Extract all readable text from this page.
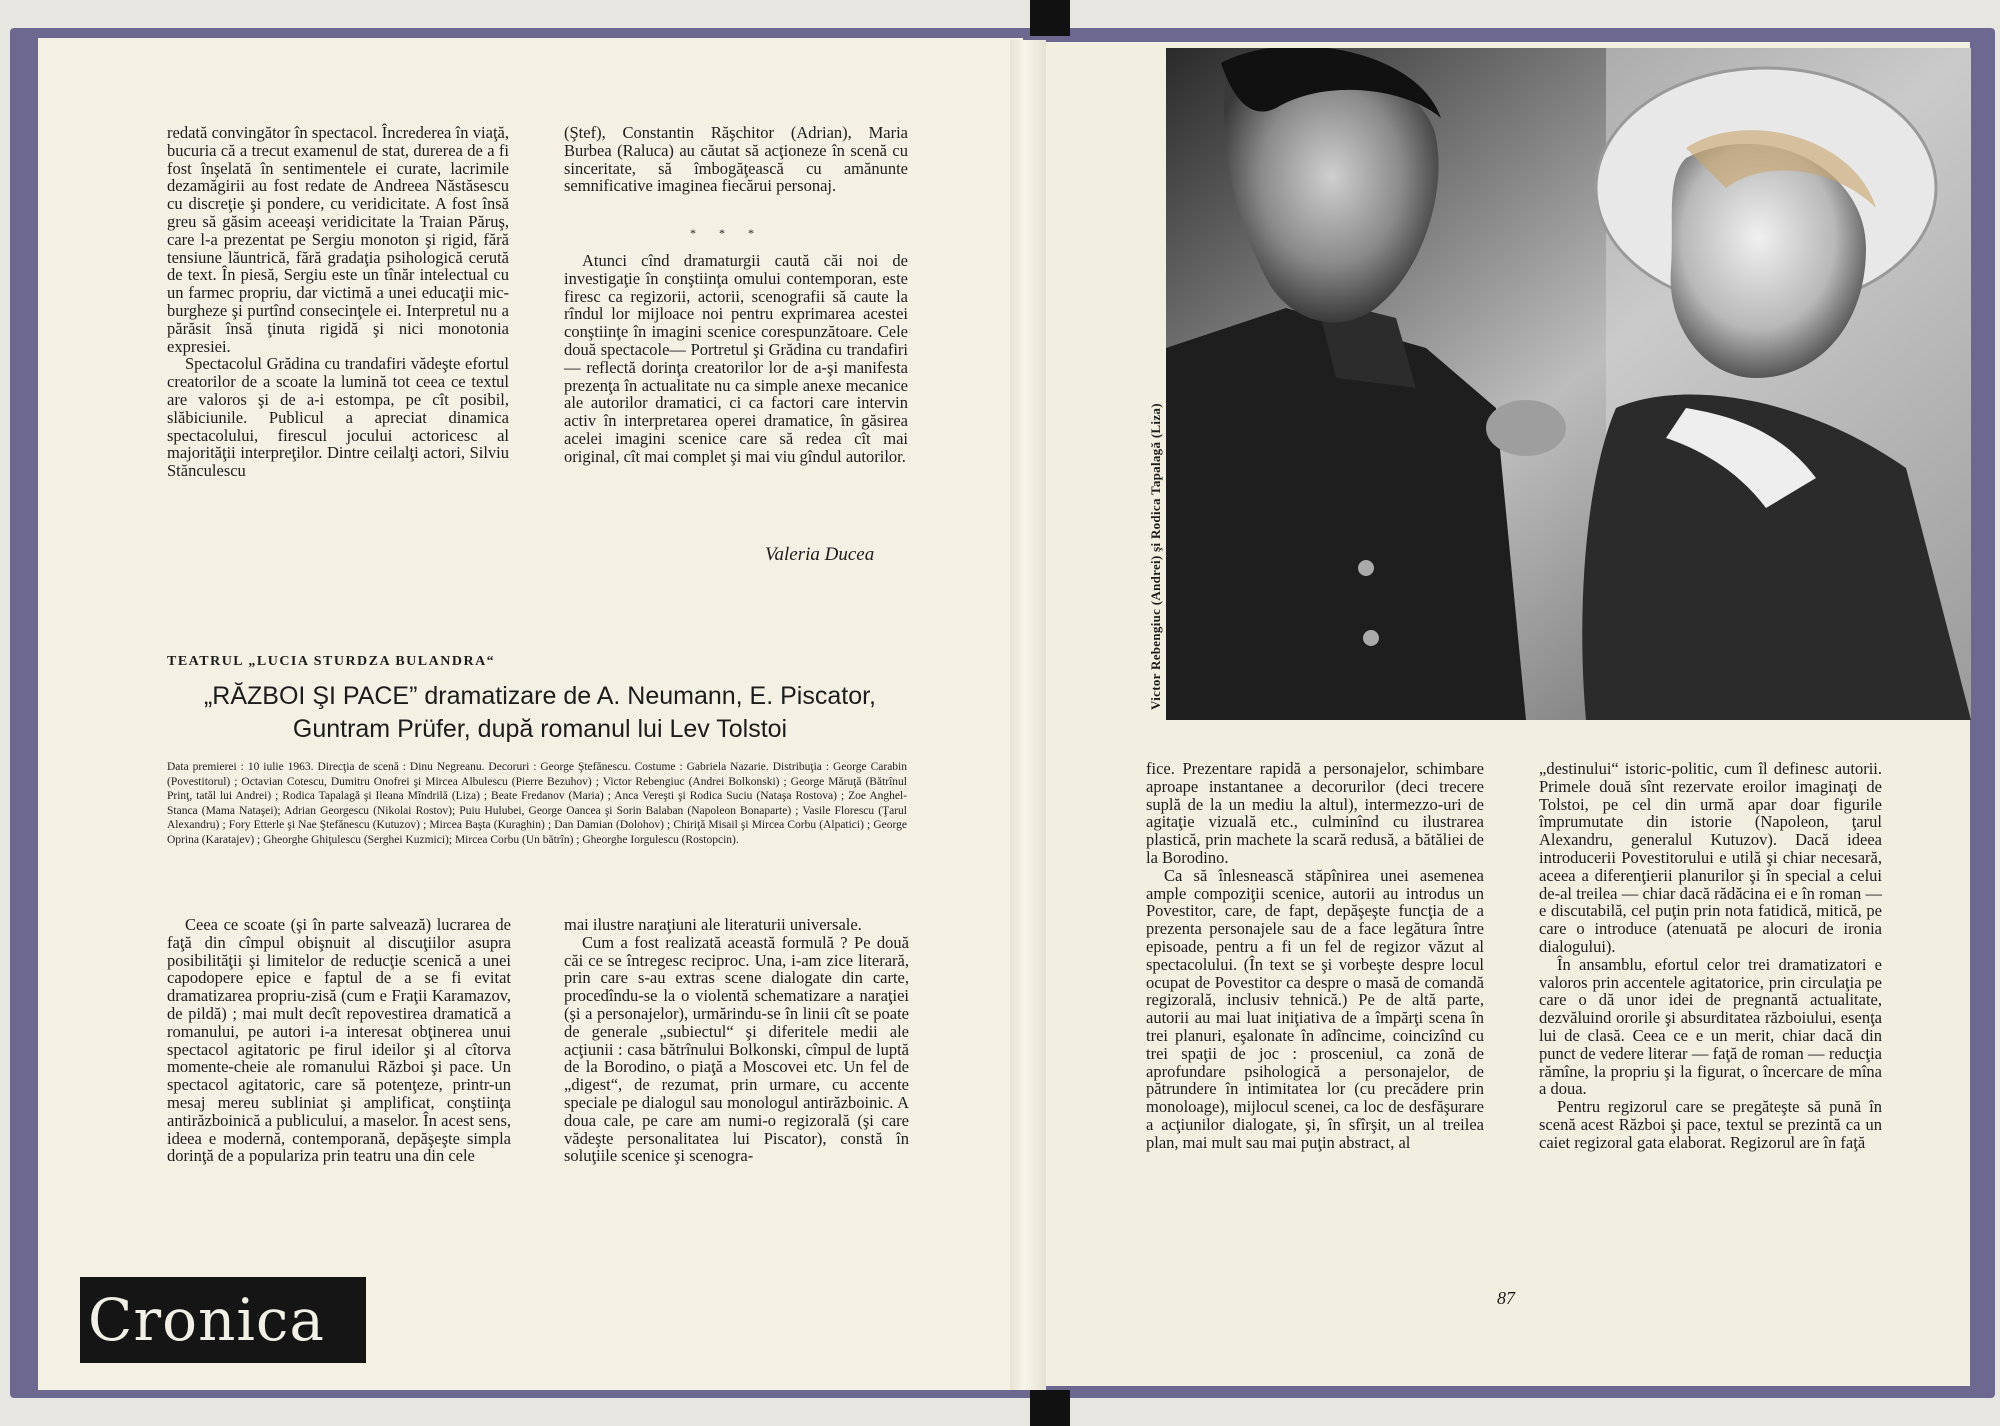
redată convingător în spectacol. Încrederea în viaţă, bucuria că a trecut examenul de stat, durerea de a fi fost înşelată în sentimentele ei curate, lacrimile dezamăgirii au fost redate de Andreea Năstăsescu cu discreţie şi pondere, cu veridicitate. A fost însă greu să găsim aceeaşi veridicitate la Traian Păruş, care l-a prezentat pe Sergiu monoton şi rigid, fără tensiune lăuntrică, fără gradaţia psihologică cerută de text. În piesă, Sergiu este un tînăr intelectual cu un farmec propriu, dar victimă a unei educaţii mic-burgheze şi purtînd consecinţele ei. Interpretul nu a părăsit însă ţinuta rigidă şi nici monotonia expresiei.

Spectacolul Grădina cu trandafiri vădeşte efortul creatorilor de a scoate la lumină tot ceea ce textul are valoros şi de a-i estompa, pe cît posibil, slăbiciunile. Publicul a apreciat dinamica spectacolului, firescul jocului actoricesc al majorităţii interpreţilor. Dintre ceilalţi actori, Silviu Stănculescu

(Ştef), Constantin Răşchitor (Adrian), Maria Burbea (Raluca) au căutat să acţioneze în scenă cu sinceritate, să îmbogăţească cu amănunte semnificative imaginea fiecărui personaj.

* * *

Atunci cînd dramaturgii caută căi noi de investigaţie în conştiinţa omului contemporan, este firesc ca regizorii, actorii, scenografii să caute la rîndul lor mijloace noi pentru exprimarea acestei conştiinţe în imagini scenice corespunzătoare. Cele două spectacole— Portretul şi Grădina cu trandafiri — reflectă dorinţa creatorilor lor de a-şi manifesta prezenţa în actualitate nu ca simple anexe mecanice ale autorilor dramatici, ci ca factori care intervin activ în interpretarea operei dramatice, în găsirea acelei imagini scenice care să redea cît mai original, cît mai complet şi mai viu gîndul autorilor.

Valeria Ducea
TEATRUL „LUCIA STURDZA BULANDRA“
„RĂZBOI ŞI PACE” dramatizare de A. Neumann, E. Piscator,
Guntram Prüfer, după romanul lui Lev Tolstoi
Data premierei : 10 iulie 1963. Direcţia de scenă : Dinu Negreanu. Decoruri : George Ştefănescu. Costume : Gabriela Nazarie. Distribuţia : George Carabin (Povestitorul) ; Octavian Cotescu, Dumitru Onofrei şi Mircea Albulescu (Pierre Bezuhov) ; Victor Rebengiuc (Andrei Bolkonski) ; George Măruţă (Bătrînul Prinţ, tatăl lui Andrei) ; Rodica Tapalagă şi Ileana Mîndrilă (Liza) ; Beate Fredanov (Maria) ; Anca Vereşti şi Rodica Suciu (Nataşa Rostova) ; Zoe Anghel-Stanca (Mama Nataşei); Adrian Georgescu (Nikolai Rostov); Puiu Hulubei, George Oancea şi Sorin Balaban (Napoleon Bonaparte) ; Vasile Florescu (Ţarul Alexandru) ; Fory Etterle şi Nae Ştefănescu (Kutuzov) ; Mircea Başta (Kuraghin) ; Dan Damian (Dolohov) ; Chiriţă Misail şi Mircea Corbu (Alpatici) ; George Oprina (Karatajev) ; Gheorghe Ghiţulescu (Serghei Kuzmici); Mircea Corbu (Un bătrîn) ; Gheorghe Iorgulescu (Rostopcin).

Ceea ce scoate (şi în parte salvează) lucrarea de faţă din cîmpul obişnuit al discuţiilor asupra posibilităţii şi limitelor de reducţie scenică a unei capodopere epice e faptul de a se fi evitat dramatizarea propriu-zisă (cum e Fraţii Karamazov, de pildă) ; mai mult decît repovestirea dramatică a romanului, pe autori i-a interesat obţinerea unui spectacol agitatoric pe firul ideilor şi al cîtorva momente-cheie ale romanului Război şi pace. Un spectacol agitatoric, care să potenţeze, printr-un mesaj mereu subliniat şi amplificat, conştiinţa antirăzboinică a publicului, a maselor. În acest sens, ideea e modernă, contemporană, depăşeşte simpla dorinţă de a populariza prin teatru una din cele

mai ilustre naraţiuni ale literaturii universale.

Cum a fost realizată această formulă ? Pe două căi ce se întregesc reciproc. Una, i-am zice literară, prin care s-au extras scene dialogate din carte, procedîndu-se la o violentă schematizare a naraţiei (şi a personajelor), urmărindu-se în linii cît se poate de generale „subiectul“ şi diferitele medii ale acţiunii : casa bătrînului Bolkonski, cîmpul de luptă de la Borodino, o piaţă a Moscovei etc. Un fel de „digest“, de rezumat, prin urmare, cu accente speciale pe dialogul sau monologul antirăzboinic. A doua cale, pe care am numi-o regizorală (şi care vădeşte personalitatea lui Piscator), constă în soluţiile scenice şi scenogra-

Cronica
Victor Rebengiuc (Andrei) şi Rodica Tapalagă (Liza)

fice. Prezentare rapidă a personajelor, schimbare aproape instantanee a decorurilor (deci trecere suplă de la un mediu la altul), intermezzo-uri de agitaţie vizuală etc., culminînd cu ilustrarea plastică, prin machete la scară redusă, a bătăliei de la Borodino.

Ca să înlesnească stăpînirea unei asemenea ample compoziţii scenice, autorii au introdus un Povestitor, care, de fapt, depăşeşte funcţia de a prezenta personajele sau de a face legătura între episoade, pentru a fi un fel de regizor văzut al spectacolului. (În text se şi vorbeşte despre locul ocupat de Povestitor ca despre o masă de comandă regizorală, inclusiv tehnică.) Pe de altă parte, autorii au mai luat iniţiativa de a împărţi scena în trei planuri, eşalonate în adîncime, coincizînd cu trei spaţii de joc : prosceniul, ca zonă de aprofundare psihologică a personajelor, de pătrundere în intimitatea lor (cu precădere prin monoloage), mijlocul scenei, ca loc de desfăşurare a acţiunilor dialogate, şi, în sfîrşit, un al treilea plan, mai mult sau mai puţin abstract, al

„destinului“ istoric-politic, cum îl definesc autorii. Primele două sînt rezervate eroilor imaginaţi de Tolstoi, pe cel din urmă apar doar figurile împrumutate din istorie (Napoleon, ţarul Alexandru, generalul Kutuzov). Dacă ideea introducerii Povestitorului e utilă şi chiar necesară, aceea a diferenţierii planurilor şi în special a celui de-al treilea — chiar dacă rădăcina ei e în roman — e discutabilă, cel puţin prin nota fatidică, mitică, pe care o introduce (atenuată pe alocuri de ironia dialogului).

În ansamblu, efortul celor trei dramatizatori e valoros prin accentele agitatorice, prin circulaţia pe care o dă unor idei de pregnantă actualitate, dezvăluind ororile şi absurditatea războiului, esenţa lui de clasă. Ceea ce e un merit, chiar dacă din punct de vedere literar — faţă de roman — reducţia rămîne, la propriu şi la figurat, o încercare de mîna a doua.

Pentru regizorul care se pregăteşte să pună în scenă acest Război şi pace, textul se prezintă ca un caiet regizoral gata elaborat. Regizorul are în faţă

87
